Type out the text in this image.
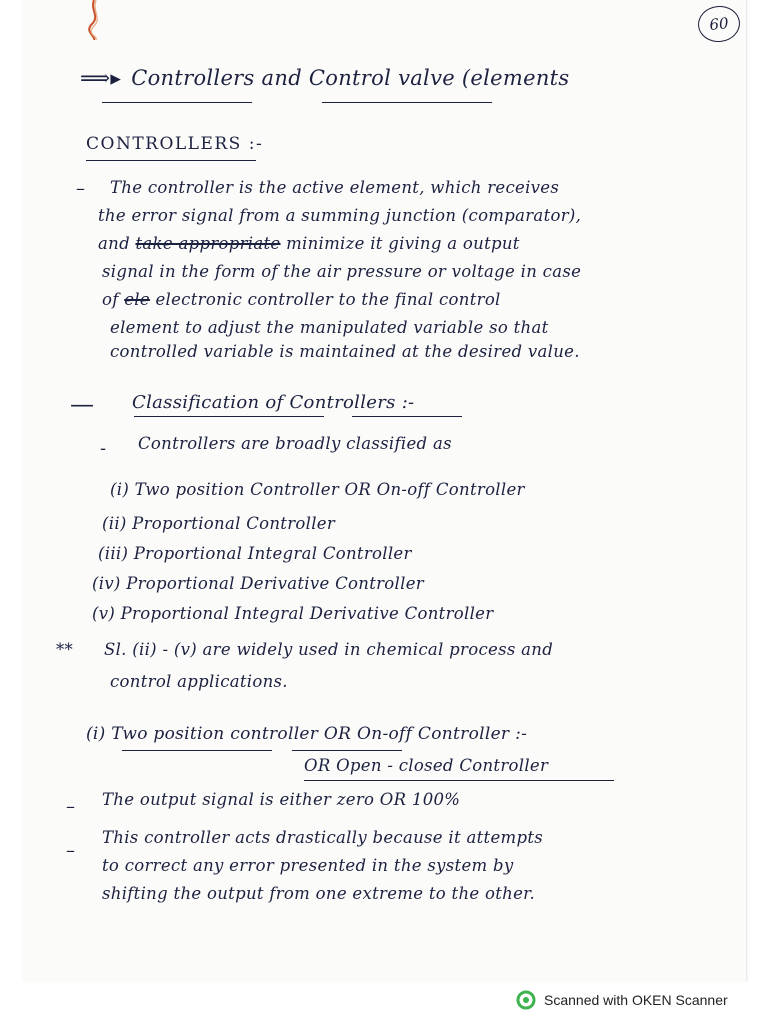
60
⟹▸ Controllers and Control valve (elements
CONTROLLERS :-
– The controller is the active element, which receives
the error signal from a summing junction (comparator),
and take appropriate minimize it giving a output
signal in the form of the air pressure or voltage in case
of ele electronic controller to the final control
element to adjust the manipulated variable so that
controlled variable is maintained at the desired value.
— Classification of Controllers :-
- Controllers are broadly classified as
(i) Two position Controller OR On-off Controller
(ii) Proportional Controller
(iii) Proportional Integral Controller
(iv) Proportional Derivative Controller
(v) Proportional Integral Derivative Controller
** Sl. (ii) - (v) are widely used in chemical process and
control applications.
(i) Two position controller OR On-off Controller :-
OR Open - closed Controller
– The output signal is either zero OR 100%
–
This controller acts drastically because it attempts
to correct any error presented in the system by
shifting the output from one extreme to the other.
Scanned with OKEN Scanner
